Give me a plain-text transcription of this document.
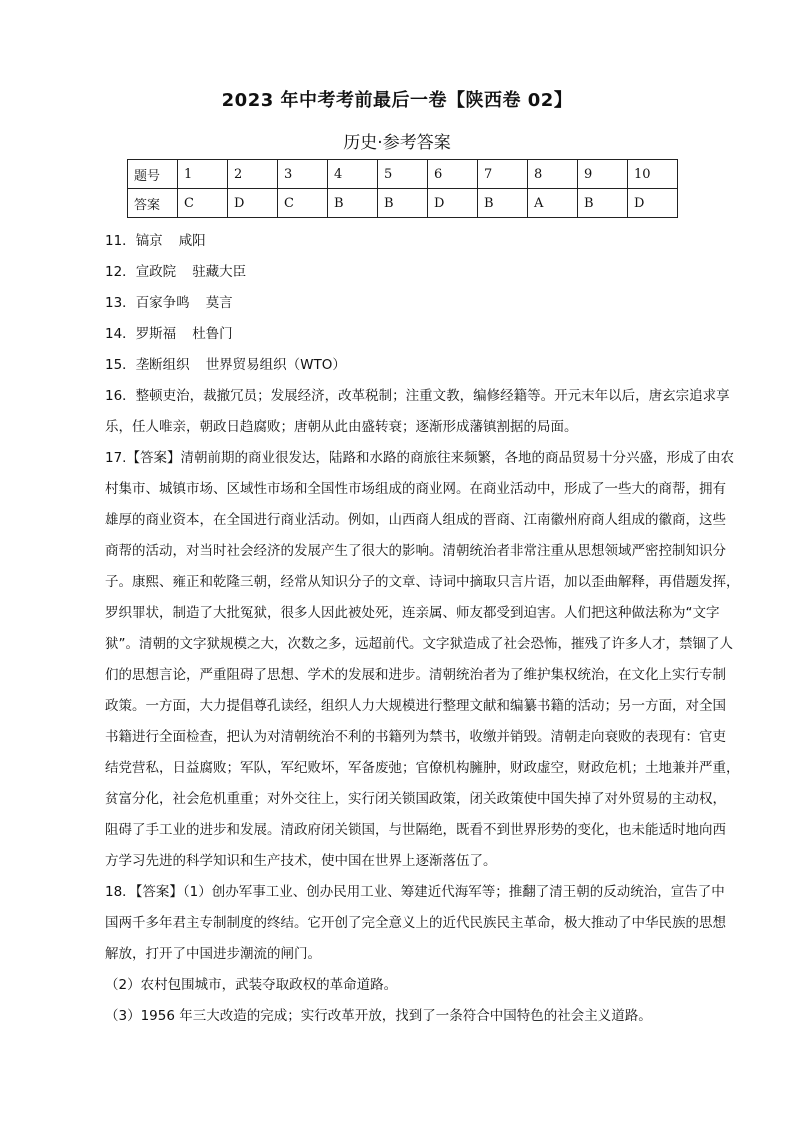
2023 年中考考前最后一卷【陕西卷 02】
历史·参考答案
题号	1	2	3	4	5	6	7	8	9	10
答案	C	D	C	B	B	D	B	A	B	D
11．镐京 咸阳
12．宣政院 驻藏大臣
13．百家争鸣 莫言
14．罗斯福 杜鲁门
15．垄断组织 世界贸易组织（WTO）
16．整顿吏治，裁撤冗员；发展经济，改革税制；注重文教，编修经籍等。开元末年以后，唐玄宗追求享
乐，任人唯亲，朝政日趋腐败；唐朝从此由盛转衰；逐渐形成藩镇割据的局面。
17.【答案】清朝前期的商业很发达，陆路和水路的商旅往来频繁，各地的商品贸易十分兴盛，形成了由农
村集市、城镇市场、区域性市场和全国性市场组成的商业网。在商业活动中，形成了一些大的商帮，拥有
雄厚的商业资本，在全国进行商业活动。例如，山西商人组成的晋商、江南徽州府商人组成的徽商，这些
商帮的活动，对当时社会经济的发展产生了很大的影响。清朝统治者非常注重从思想领域严密控制知识分
子。康熙、雍正和乾隆三朝，经常从知识分子的文章、诗词中摘取只言片语，加以歪曲解释，再借题发挥，
罗织罪状，制造了大批冤狱，很多人因此被处死，连亲属、师友都受到迫害。人们把这种做法称为“文字
狱”。清朝的文字狱规模之大，次数之多，远超前代。文字狱造成了社会恐怖，摧残了许多人才，禁锢了人
们的思想言论，严重阻碍了思想、学术的发展和进步。清朝统治者为了维护集权统治，在文化上实行专制
政策。一方面，大力提倡尊孔读经，组织人力大规模进行整理文献和编纂书籍的活动；另一方面，对全国
书籍进行全面检查，把认为对清朝统治不利的书籍列为禁书，收缴并销毁。清朝走向衰败的表现有：官吏
结党营私，日益腐败；军队，军纪败坏，军备废弛；官僚机构臃肿，财政虚空，财政危机；土地兼并严重，
贫富分化，社会危机重重；对外交往上，实行闭关锁国政策，闭关政策使中国失掉了对外贸易的主动权，
阻碍了手工业的进步和发展。清政府闭关锁国，与世隔绝，既看不到世界形势的变化，也未能适时地向西
方学习先进的科学知识和生产技术，使中国在世界上逐渐落伍了。
18．【答案】（1）创办军事工业、创办民用工业、筹建近代海军等；推翻了清王朝的反动统治，宣告了中
国两千多年君主专制制度的终结。它开创了完全意义上的近代民族民主革命，极大推动了中华民族的思想
解放，打开了中国进步潮流的闸门。
（2）农村包围城市，武装夺取政权的革命道路。
（3）1956 年三大改造的完成；实行改革开放，找到了一条符合中国特色的社会主义道路。
